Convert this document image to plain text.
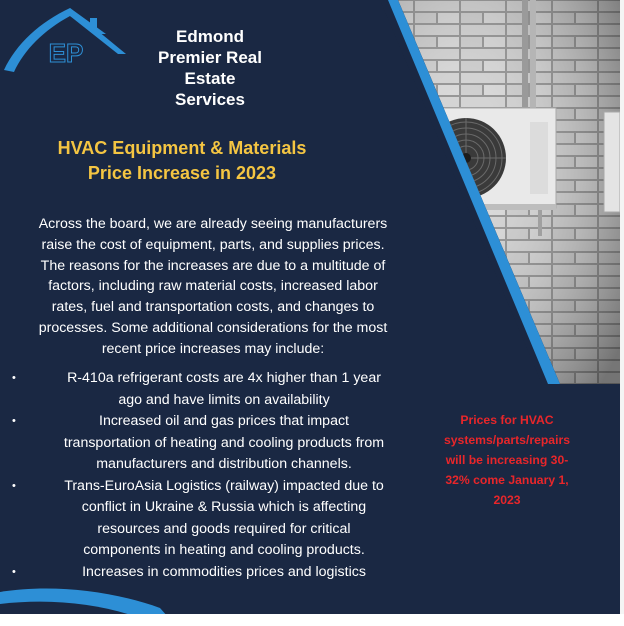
EP
Edmond
Premier Real
Estate
Services
HVAC Equipment & Materials
Price Increase in 2023
Across the board, we are already seeing manufacturers
raise the cost of equipment, parts, and supplies prices.
The reasons for the increases are due to a multitude of
factors, including raw material costs, increased labor
rates, fuel and transportation costs, and changes to
processes. Some additional considerations for the most
recent price increases may include:
•	R-410a refrigerant costs are 4x higher than 1 year
ago and have limits on availability
•	Increased oil and gas prices that impact
transportation of heating and cooling products from
manufacturers and distribution channels.
•	Trans-EuroAsia Logistics (railway) impacted due to
conflict in Ukraine & Russia which is affecting
resources and goods required for critical
components in heating and cooling products.
•	Increases in commodities prices and logistics
Prices for HVAC
systems/parts/repairs
will be increasing 30-
32% come January 1,
2023
